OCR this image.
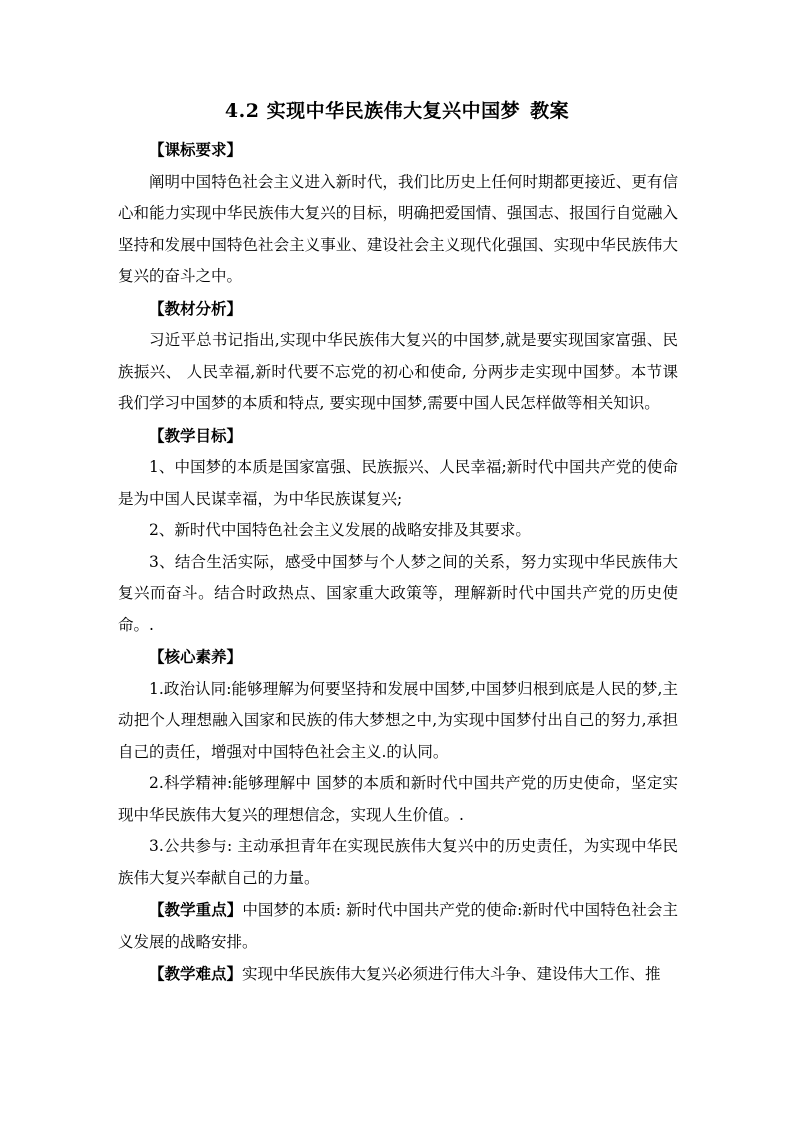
4.2 实现中华民族伟大复兴中国梦 教案

【课标要求】

阐明中国特色社会主义进入新时代，我们比历史上任何时期都更接近、更有信心和能力实现中华民族伟大复兴的目标，明确把爱国情、强国志、报国行自觉融入坚持和发展中国特色社会主义事业、建设社会主义现代化强国、实现中华民族伟大复兴的奋斗之中。

【教材分析】

习近平总书记指出,实现中华民族伟大复兴的中国梦,就是要实现国家富强、民族振兴、 人民幸福,新时代要不忘党的初心和使命, 分两步走实现中国梦。本节课我们学习中国梦的本质和特点, 要实现中国梦,需要中国人民怎样做等相关知识。

【教学目标】

1、中国梦的本质是国家富强、民族振兴、人民幸福;新时代中国共产党的使命是为中国人民谋幸福，为中华民族谋复兴;

2、新时代中国特色社会主义发展的战略安排及其要求。

3、结合生活实际，感受中国梦与个人梦之间的关系，努力实现中华民族伟大复兴而奋斗。结合时政热点、国家重大政策等，理解新时代中国共产党的历史使命。.

【核心素养】

1.政治认同:能够理解为何要坚持和发展中国梦,中国梦归根到底是人民的梦,主动把个人理想融入国家和民族的伟大梦想之中,为实现中国梦付出自己的努力,承担自己的责任，增强对中国特色社会主义.的认同。

2.科学精神:能够理解中 国梦的本质和新时代中国共产党的历史使命，坚定实现中华民族伟大复兴的理想信念，实现人生价值。.

3.公共参与: 主动承担青年在实现民族伟大复兴中的历史责任，为实现中华民族伟大复兴奉献自己的力量。

【教学重点】中国梦的本质: 新时代中国共产党的使命:新时代中国特色社会主义发展的战略安排。

【教学难点】实现中华民族伟大复兴必须进行伟大斗争、建设伟大工作、推
